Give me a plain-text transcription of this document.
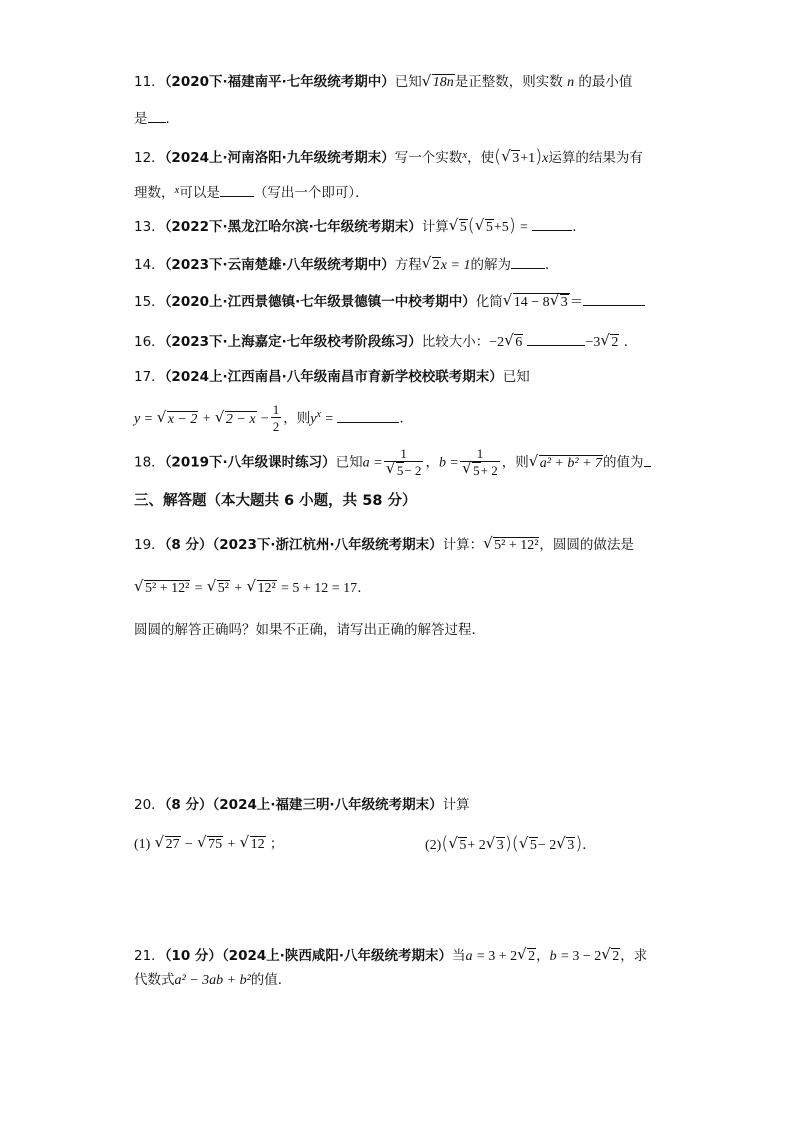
11．（2020下·福建南平·七年级统考期中）已知 √ 18n是正整数，则实数 n 的最小值
是 ．
12．（2024上·河南洛阳·九年级统考期末）写一个实数$^x$，使( √ 3+1)x运算的结果为有
理数，$^x$可以是	（写出一个即可）．
13．（2022下·黑龙江哈尔滨·七年级统考期末）计算 √ 5( √ 5+5) =	．
14．（2023下·云南楚雄·八年级统考期中）方程 √ 2x = 1的解为	．
15．（2020上·江西景德镇·七年级景德镇一中校考期中）化简 √ 14 − 8 √ 3 ＝
16．（2023下·上海嘉定·七年级校考阶段练习）比较大小：−2 √ 6	−3 √ 2 ．
17．（2024上·江西南昌·八年级南昌市育新学校校联考期末）已知
y = √ x − 2 + √ $2 - x - \frac{1}{2}$ ，则$y^x$ =	．
18．（2019下·八年级课时练习）已知a = 1
√ 5− 2 ，b = 1
√ 5+ 2 ，则 √ a² + b² + 7的值为
三、解答题（本大题共 6 小题，共 58 分）
19．（8 分）（2023下·浙江杭州·八年级统考期末）计算： √ 5² + 12²，圆圆的做法是
√ 5² + 12² = √ 5² + √ 12² = 5 + 12 = 17．
圆圆的解答正确吗？如果不正确，请写出正确的解答过程．
20．（8 分）（2024上·福建三明·八年级统考期末）计算
(1) √ 27 − √ 75 + √ 12 ；	(2)( √ 5+ 2 √ 3)( √ 5− 2 √ 3)．
21．（10 分）（2024上·陕西咸阳·八年级统考期末）当a = 3 + 2 √ 2，b = 3 − 2 √ 2，求
代数式a² − 3ab + b²的值．
